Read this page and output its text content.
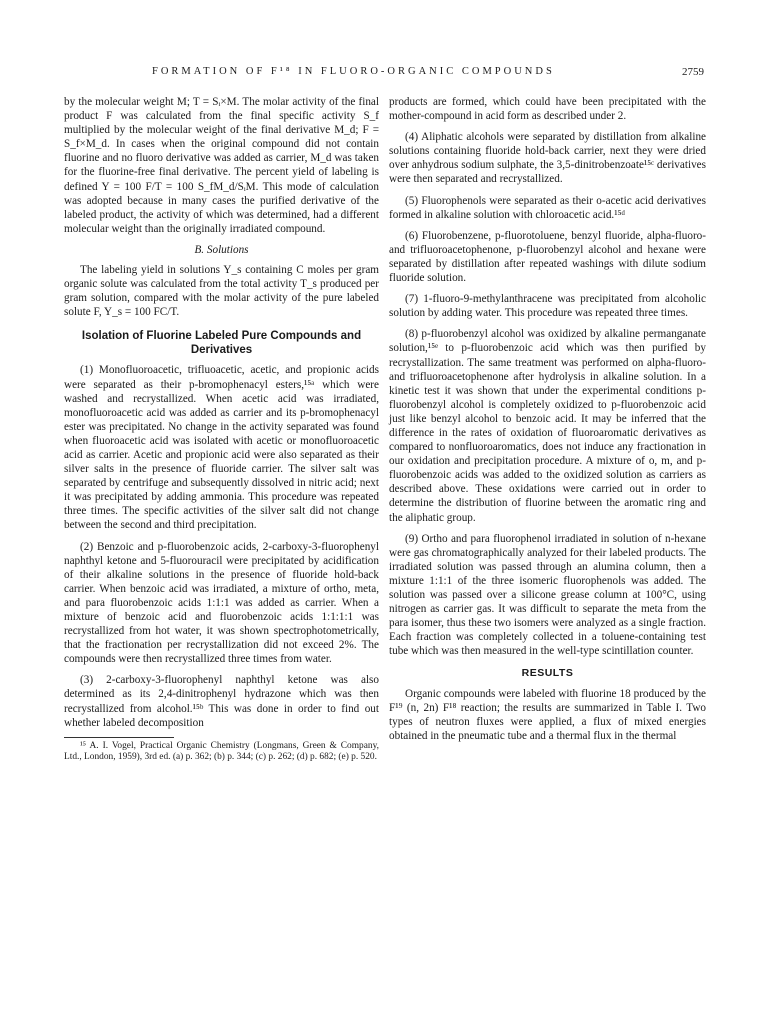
FORMATION OF F¹⁸ IN FLUORO-ORGANIC COMPOUNDS	2759

by the molecular weight M; T = Sᵢ×M. The molar activity of the final product F was calculated from the final specific activity S_f multiplied by the molecular weight of the final derivative M_d; F = S_f×M_d. In cases when the original compound did not contain fluorine and no fluoro derivative was added as carrier, M_d was taken for the fluorine-free final derivative. The percent yield of labeling is defined Y = 100 F/T = 100 S_fM_d/SᵢM. This mode of calculation was adopted because in many cases the purified derivative of the labeled product, the activity of which was determined, had a different molecular weight than the originally irradiated compound.

B. Solutions

The labeling yield in solutions Y_s containing C moles per gram organic solute was calculated from the total activity T_s produced per gram solution, compared with the molar activity of the pure labeled solute F, Y_s = 100 FC/T.

Isolation of Fluorine Labeled Pure Compounds and Derivatives

(1) Monofluoroacetic, trifluoacetic, acetic, and propionic acids were separated as their p-bromophenacyl esters,¹⁵ᵃ which were washed and recrystallized. When acetic acid was irradiated, monofluoroacetic acid was added as carrier and its p-bromophenacyl ester was precipitated. No change in the activity separated was found when fluoroacetic acid was isolated with acetic or monofluoroacetic acid as carrier. Acetic and propionic acid were also separated as their silver salts in the presence of fluoride carrier. The silver salt was separated by centrifuge and subsequently dissolved in nitric acid; next it was precipitated by adding ammonia. This procedure was repeated three times. The specific activities of the silver salt did not change between the second and third precipitation.

(2) Benzoic and p-fluorobenzoic acids, 2-carboxy-3-fluorophenyl naphthyl ketone and 5-fluorouracil were precipitated by acidification of their alkaline solutions in the presence of fluoride hold-back carrier. When benzoic acid was irradiated, a mixture of ortho, meta, and para fluorobenzoic acids 1:1:1 was added as carrier. When a mixture of benzoic acid and fluorobenzoic acids 1:1:1:1 was recrystallized from hot water, it was shown spectrophotometrically, that the fractionation per recrystallization did not exceed 2%. The compounds were then recrystallized three times from water.

(3) 2-carboxy-3-fluorophenyl naphthyl ketone was also determined as its 2,4-dinitrophenyl hydrazone which was then recrystallized from alcohol.¹⁵ᵇ This was done in order to find out whether labeled decomposition

¹⁵ A. I. Vogel, Practical Organic Chemistry (Longmans, Green & Company, Ltd., London, 1959), 3rd ed. (a) p. 362; (b) p. 344; (c) p. 262; (d) p. 682; (e) p. 520.

products are formed, which could have been precipitated with the mother-compound in acid form as described under 2.

(4) Aliphatic alcohols were separated by distillation from alkaline solutions containing fluoride hold-back carrier, next they were dried over anhydrous sodium sulphate, the 3,5-dinitrobenzoate¹⁵ᶜ derivatives were then separated and recrystallized.

(5) Fluorophenols were separated as their o-acetic acid derivatives formed in alkaline solution with chloroacetic acid.¹⁵ᵈ

(6) Fluorobenzene, p-fluorotoluene, benzyl fluoride, alpha-fluoro- and trifluoroacetophenone, p-fluorobenzyl alcohol and hexane were separated by distillation after repeated washings with dilute sodium fluoride solution.

(7) 1-fluoro-9-methylanthracene was precipitated from alcoholic solution by adding water. This procedure was repeated three times.

(8) p-fluorobenzyl alcohol was oxidized by alkaline permanganate solution,¹⁵ᵉ to p-fluorobenzoic acid which was then purified by recrystallization. The same treatment was performed on alpha-fluoro- and trifluoroacetophenone after hydrolysis in alkaline solution. In a kinetic test it was shown that under the experimental conditions p-fluorobenzyl alcohol is completely oxidized to p-fluorobenzoic acid just like benzyl alcohol to benzoic acid. It may be inferred that the difference in the rates of oxidation of fluoroaromatic derivatives as compared to nonfluoroaromatics, does not induce any fractionation in our oxidation and precipitation procedure. A mixture of o, m, and p-fluorobenzoic acids was added to the oxidized solution as carriers as described above. These oxidations were carried out in order to determine the distribution of fluorine between the aromatic ring and the aliphatic group.

(9) Ortho and para fluorophenol irradiated in solution of n-hexane were gas chromatographically analyzed for their labeled products. The irradiated solution was passed through an alumina column, then a mixture 1:1:1 of the three isomeric fluorophenols was added. The solution was passed over a silicone grease column at 100°C, using nitrogen as carrier gas. It was difficult to separate the meta from the para isomer, thus these two isomers were analyzed as a single fraction. Each fraction was completely collected in a toluene-containing test tube which was then measured in the well-type scintillation counter.

RESULTS

Organic compounds were labeled with fluorine 18 produced by the F¹⁹ (n, 2n) F¹⁸ reaction; the results are summarized in Table I. Two types of neutron fluxes were applied, a flux of mixed energies obtained in the pneumatic tube and a thermal flux in the thermal
